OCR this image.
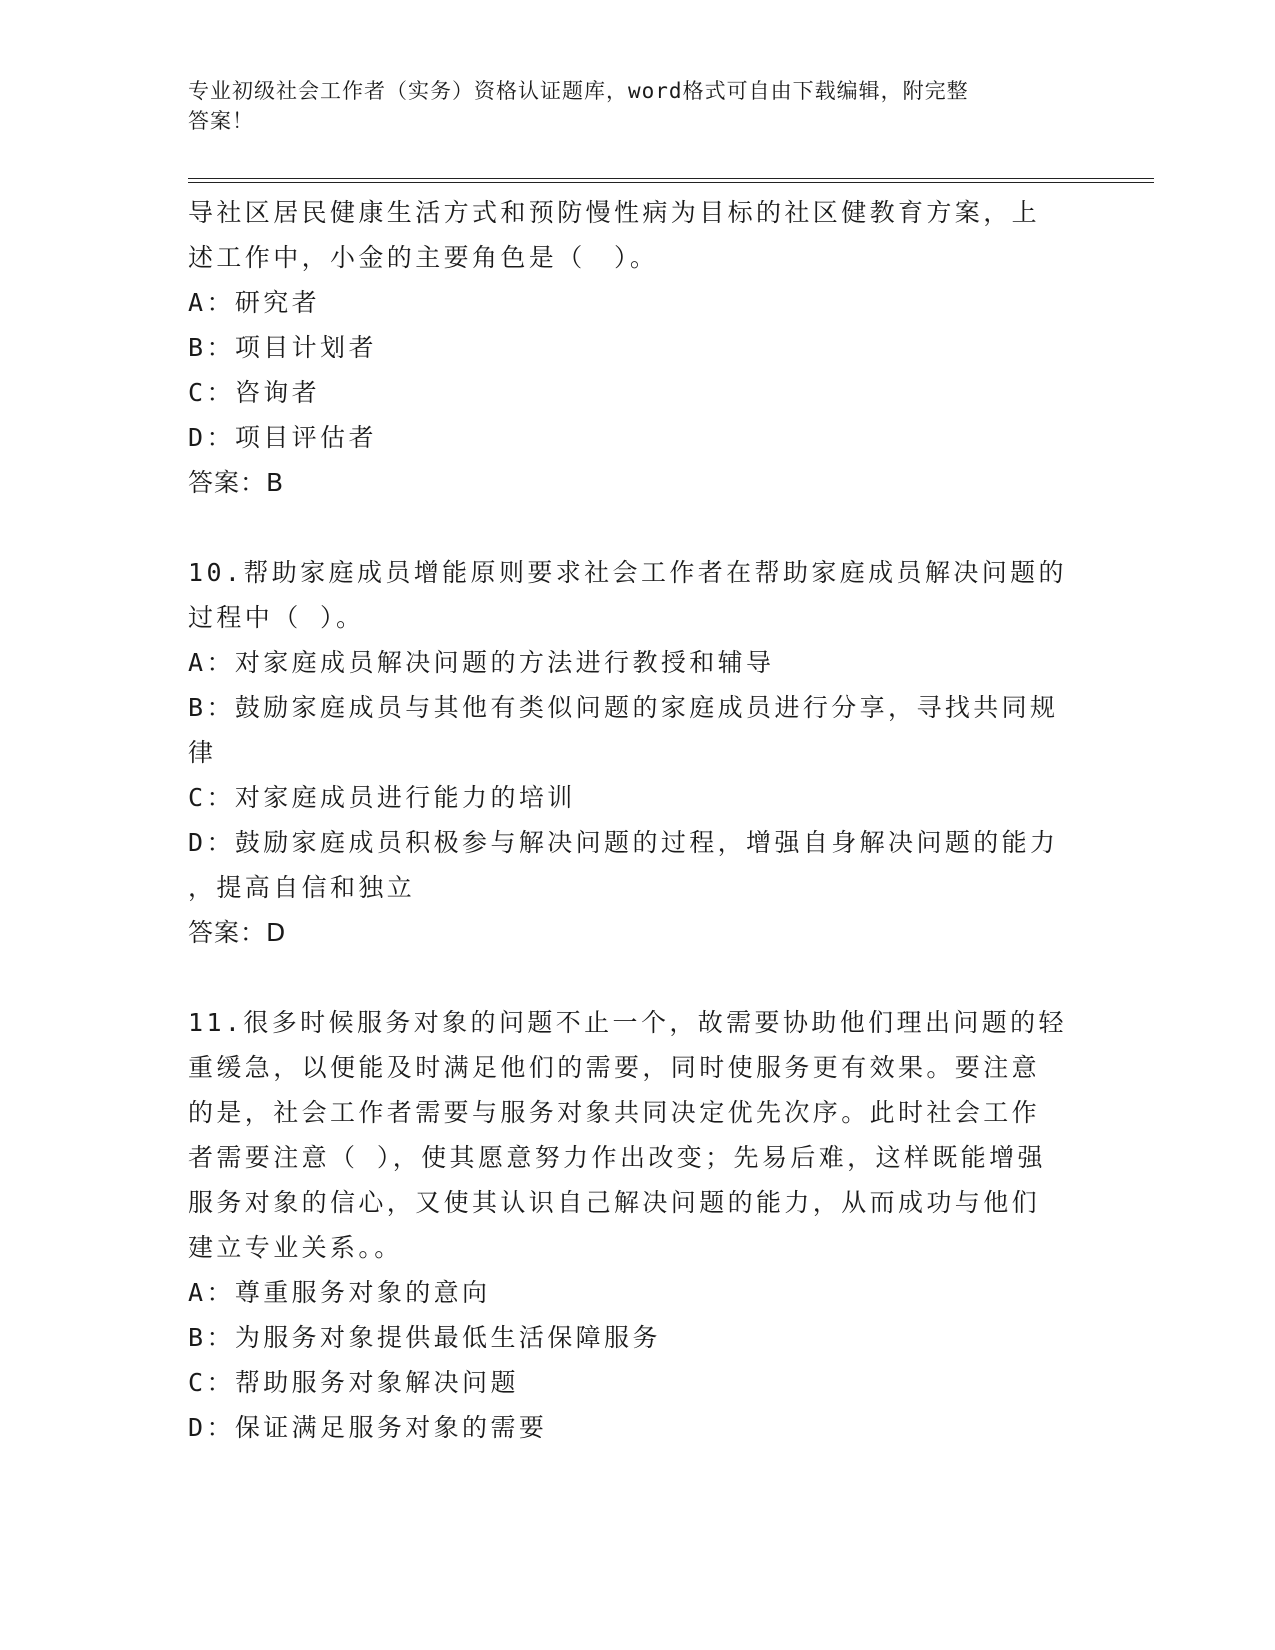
专业初级社会工作者（实务）资格认证题库，word格式可自由下载编辑，附完整
答案！
导社区居民健康生活方式和预防慢性病为目标的社区健教育方案，上
述工作中，小金的主要角色是（　）。
A：研究者
B：项目计划者
C：咨询者
D：项目评估者
答案：B
10.帮助家庭成员增能原则要求社会工作者在帮助家庭成员解决问题的
过程中（ ）。
A：对家庭成员解决问题的方法进行教授和辅导
B：鼓励家庭成员与其他有类似问题的家庭成员进行分享，寻找共同规
律
C：对家庭成员进行能力的培训
D：鼓励家庭成员积极参与解决问题的过程，增强自身解决问题的能力
，提高自信和独立
答案：D
11.很多时候服务对象的问题不止一个，故需要协助他们理出问题的轻
重缓急，以便能及时满足他们的需要，同时使服务更有效果。要注意
的是，社会工作者需要与服务对象共同决定优先次序。此时社会工作
者需要注意（ ），使其愿意努力作出改变；先易后难，这样既能增强
服务对象的信心，又使其认识自己解决问题的能力，从而成功与他们
建立专业关系。。
A：尊重服务对象的意向
B：为服务对象提供最低生活保障服务
C：帮助服务对象解决问题
D：保证满足服务对象的需要
